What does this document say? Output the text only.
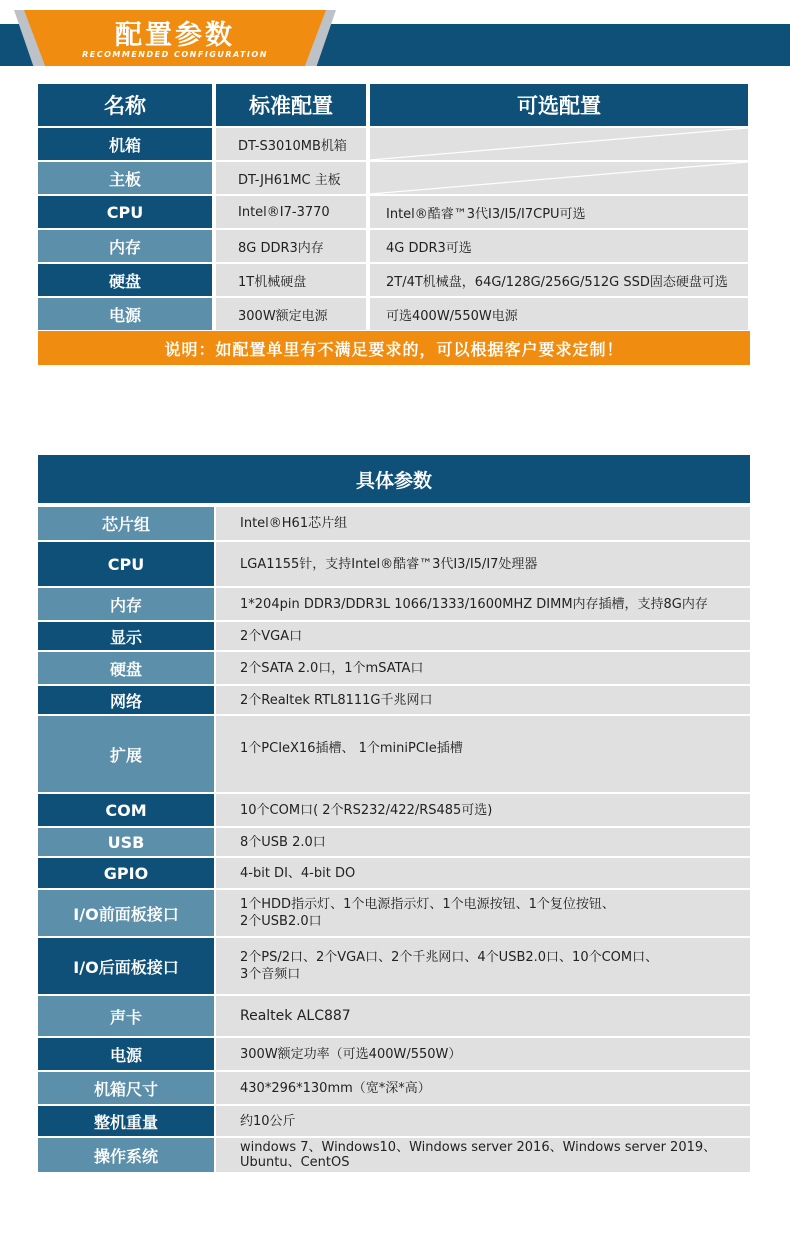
配置参数
RECOMMENDED CONFIGURATION
名称	标准配置	可选配置
机箱	DT-S3010MB机箱
主板	DT-JH61MC 主板
CPU	Intel®I7-3770	Intel®酷睿™3代I3/I5/I7CPU可选
内存	8G DDR3内存	4G DDR3可选
硬盘	1T机械硬盘	2T/4T机械盘，64G/128G/256G/512G SSD固态硬盘可选
电源	300W额定电源	可选400W/550W电源
说明：如配置单里有不满足要求的，可以根据客户要求定制！
具体参数
芯片组	Intel®H61芯片组
CPU	LGA1155针，支持Intel®酷睿™3代I3/I5/I7处理器
内存	1*204pin DDR3/DDR3L 1066/1333/1600MHZ DIMM内存插槽，支持8G内存
显示	2个VGA口
硬盘	2个SATA 2.0口，1个mSATA口
网络	2个Realtek RTL8111G千兆网口
扩展	1个PCIeX16插槽、 1个miniPCIe插槽
COM	10个COM口( 2个RS232/422/RS485可选)
USB	8个USB 2.0口
GPIO	4-bit DI、4-bit DO
I/O前面板接口	1个HDD指示灯、1个电源指示灯、1个电源按钮、1个复位按钮、
2个USB2.0口
I/O后面板接口	2个PS/2口、2个VGA口、2个千兆网口、4个USB2.0口、10个COM口、
3个音频口
声卡	Realtek ALC887
电源	300W额定功率（可选400W/550W）
机箱尺寸	430*296*130mm（宽*深*高）
整机重量	约10公斤
操作系统	windows 7、Windows10、Windows server 2016、Windows server 2019、
Ubuntu、CentOS
